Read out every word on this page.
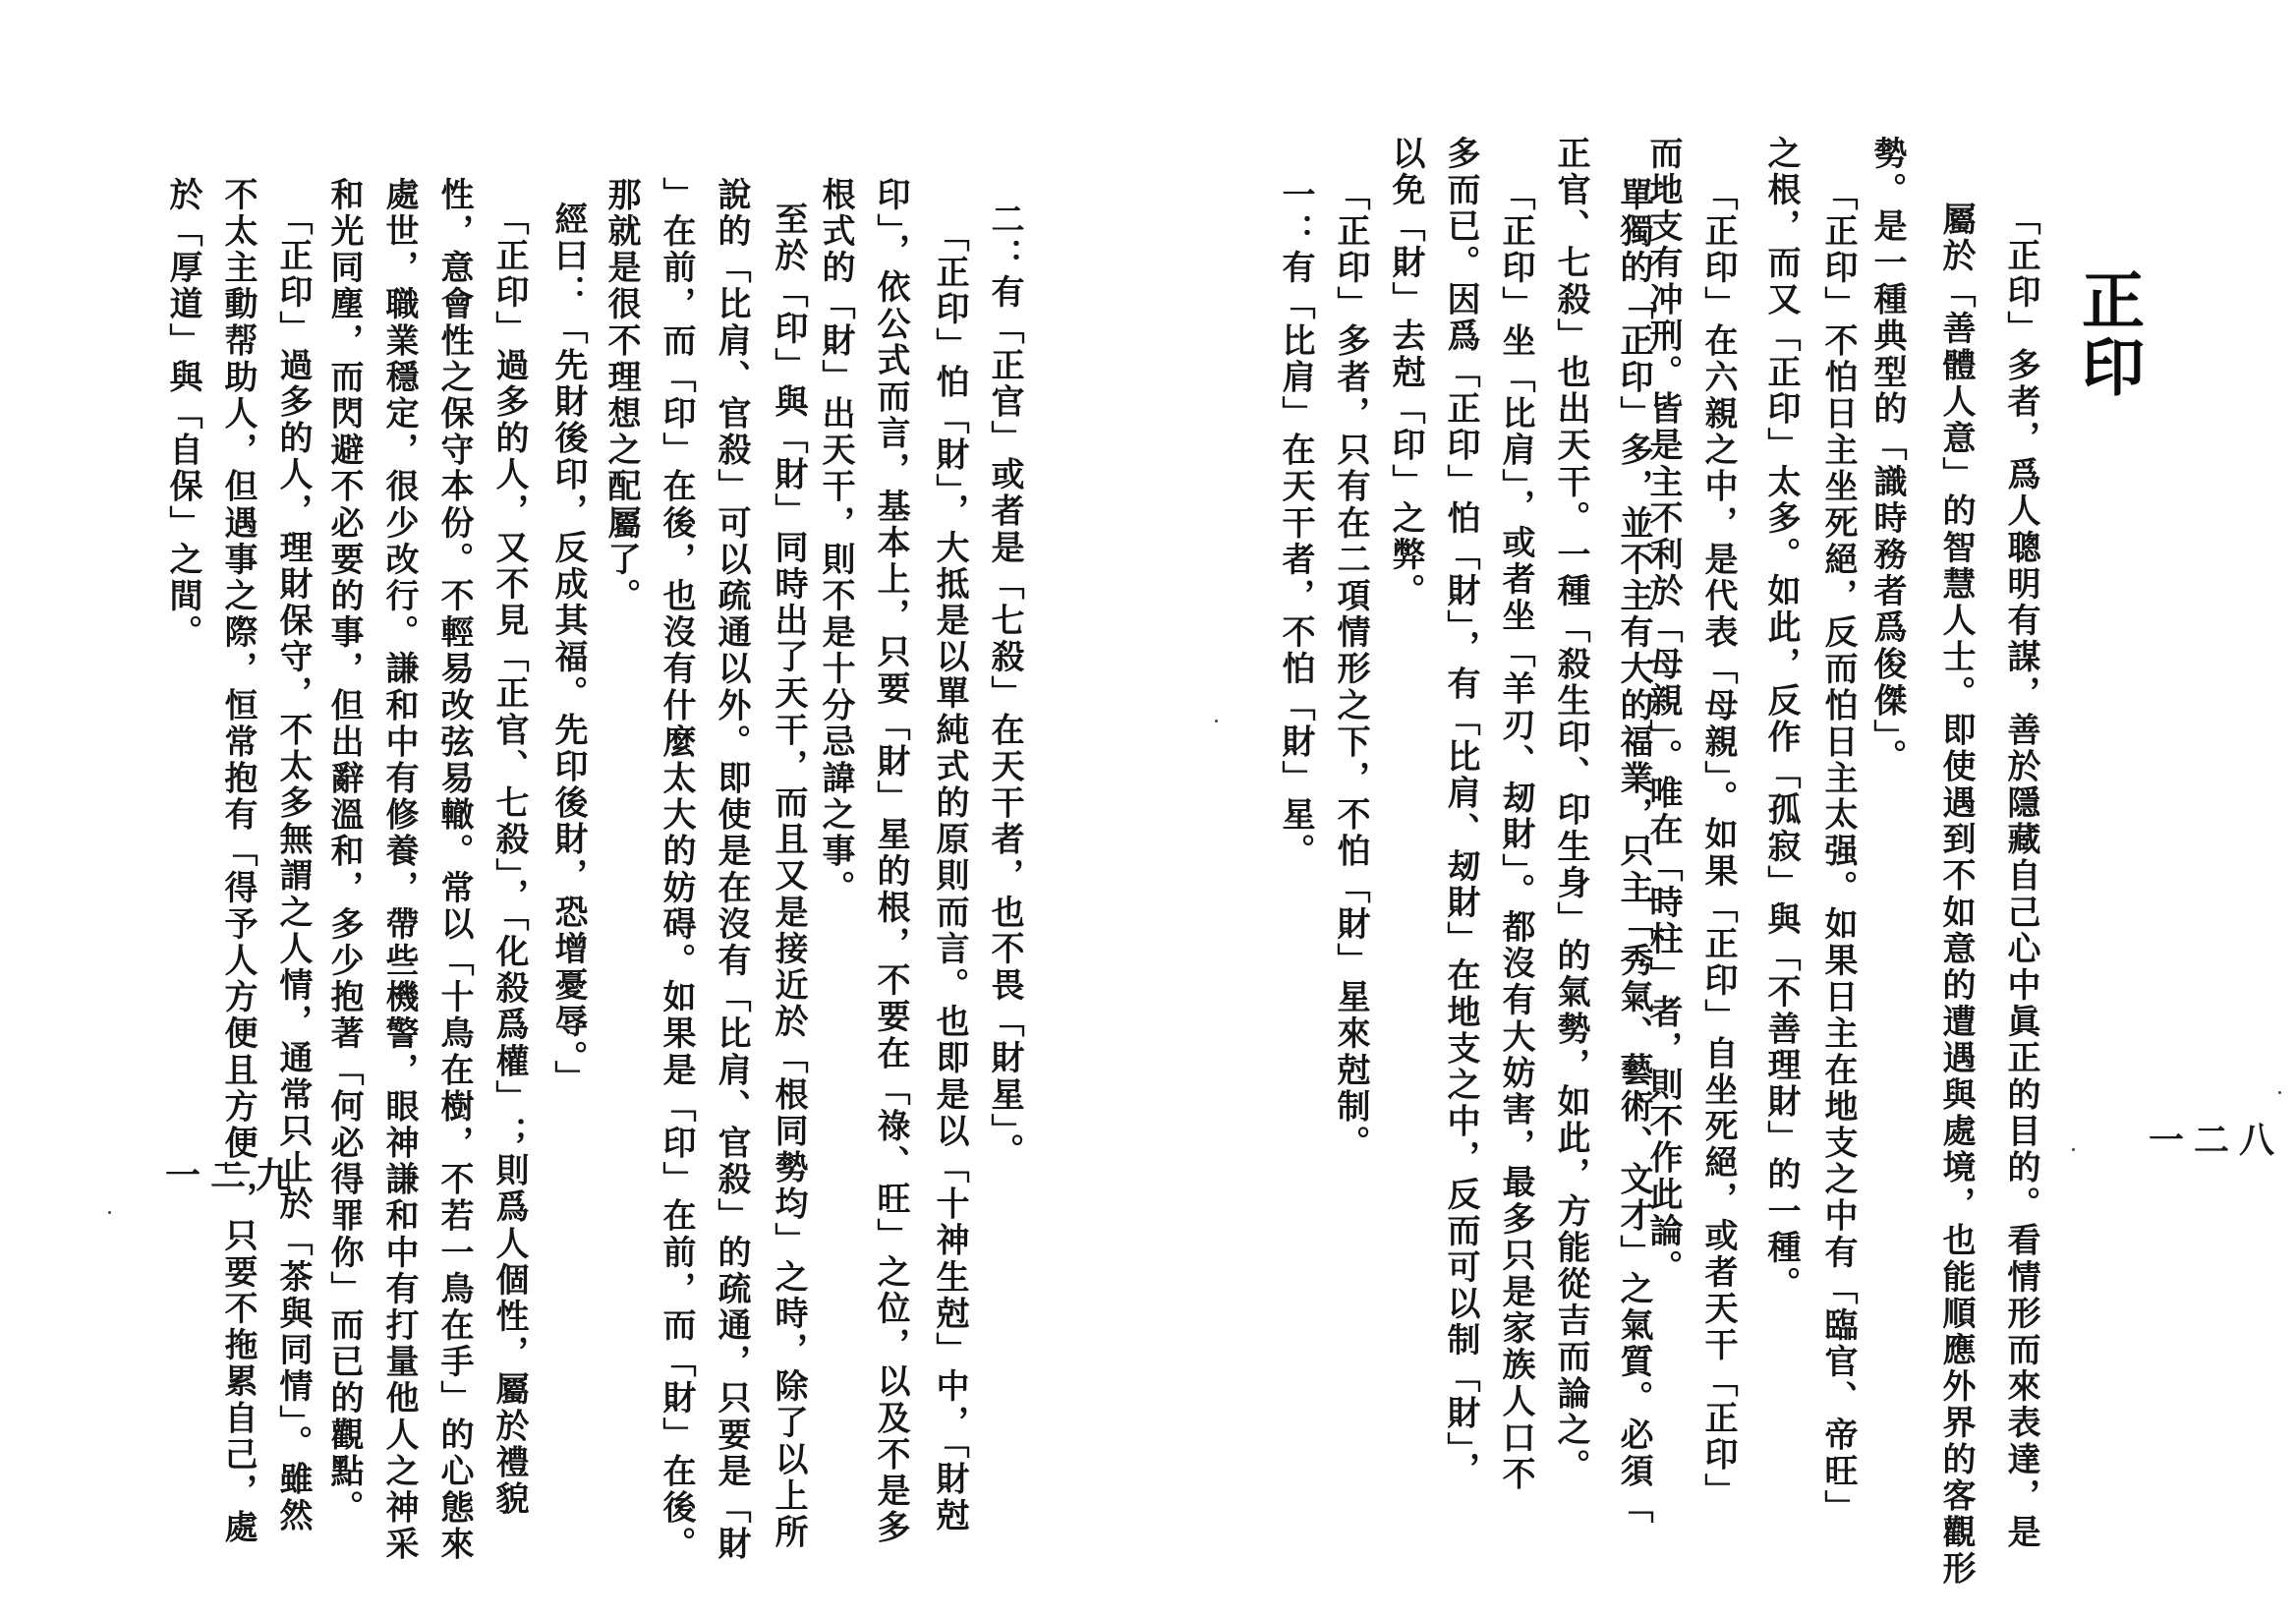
正印
「正印」多者，爲人聰明有謀，善於隱藏自己心中眞正的目的。看情形而來表達，是
屬於「善體人意」的智慧人士。即使遇到不如意的遭遇與處境，也能順應外界的客觀形
勢。是一種典型的「識時務者爲俊傑」。
「正印」不怕日主坐死絕，反而怕日主太强。如果日主在地支之中有「臨官、帝旺」
之根，而又「正印」太多。如此，反作「孤寂」與「不善理財」的一種。
「正印」在六親之中，是代表「母親」。如果「正印」自坐死絕，或者天干「正印」
而地支有冲刑。皆是主不利於「母親」。唯在「時柱」者，則不作此論。
單獨的「正印」多，並不主有大的福業，只主「秀氣、藝術、文才」之氣質。必須「
正官、七殺」也出天干。一種「殺生印、印生身」的氣勢，如此，方能從吉而論之。
「正印」坐「比肩」，或者坐「羊刃、刼財」。都沒有大妨害，最多只是家族人口不
多而已。因爲「正印」怕「財」，有「比肩、刼財」在地支之中，反而可以制「財」，
以免「財」去尅「印」之弊。
「正印」多者，只有在二項情形之下，不怕「財」星來尅制。
一：有「比肩」在天干者，不怕「財」星。
一二八
二：有「正官」或者是「七殺」在天干者，也不畏「財星」。
「正印」怕「財」，大抵是以單純式的原則而言。也即是以「十神生尅」中，「財尅
印」，依公式而言，基本上，只要「財」星的根，不要在「祿、旺」之位，以及不是多
根式的「財」出天干，則不是十分忌諱之事。
至於「印」與「財」同時出了天干，而且又是接近於「根同勢均」之時，除了以上所
說的「比肩、官殺」可以疏通以外。即使是在沒有「比肩、官殺」的疏通，只要是「財
」在前，而「印」在後，也沒有什麼太大的妨碍。如果是「印」在前，而「財」在後。
那就是很不理想之配屬了。
經曰：「先財後印，反成其福。先印後財，恐增憂辱。」
「正印」過多的人，又不見「正官、七殺」，「化殺爲權」；則爲人個性，屬於禮貌
性，意會性之保守本份。不輕易改弦易轍。常以「十鳥在樹，不若一鳥在手」的心態來
處世，職業穩定，很少改行。謙和中有修養，帶些機警，眼神謙和中有打量他人之神采
和光同塵，而閃避不必要的事，但出辭溫和，多少抱著「何必得罪你」而已的觀點。
「正印」過多的人，理財保守，不太多無謂之人情，通常只止於「茶與同情」。雖然
不太主動帮助人，但遇事之際，恒常抱有「得予人方便且方便」，只要不拖累自己，處
於「厚道」與「自保」之間。
一二九
